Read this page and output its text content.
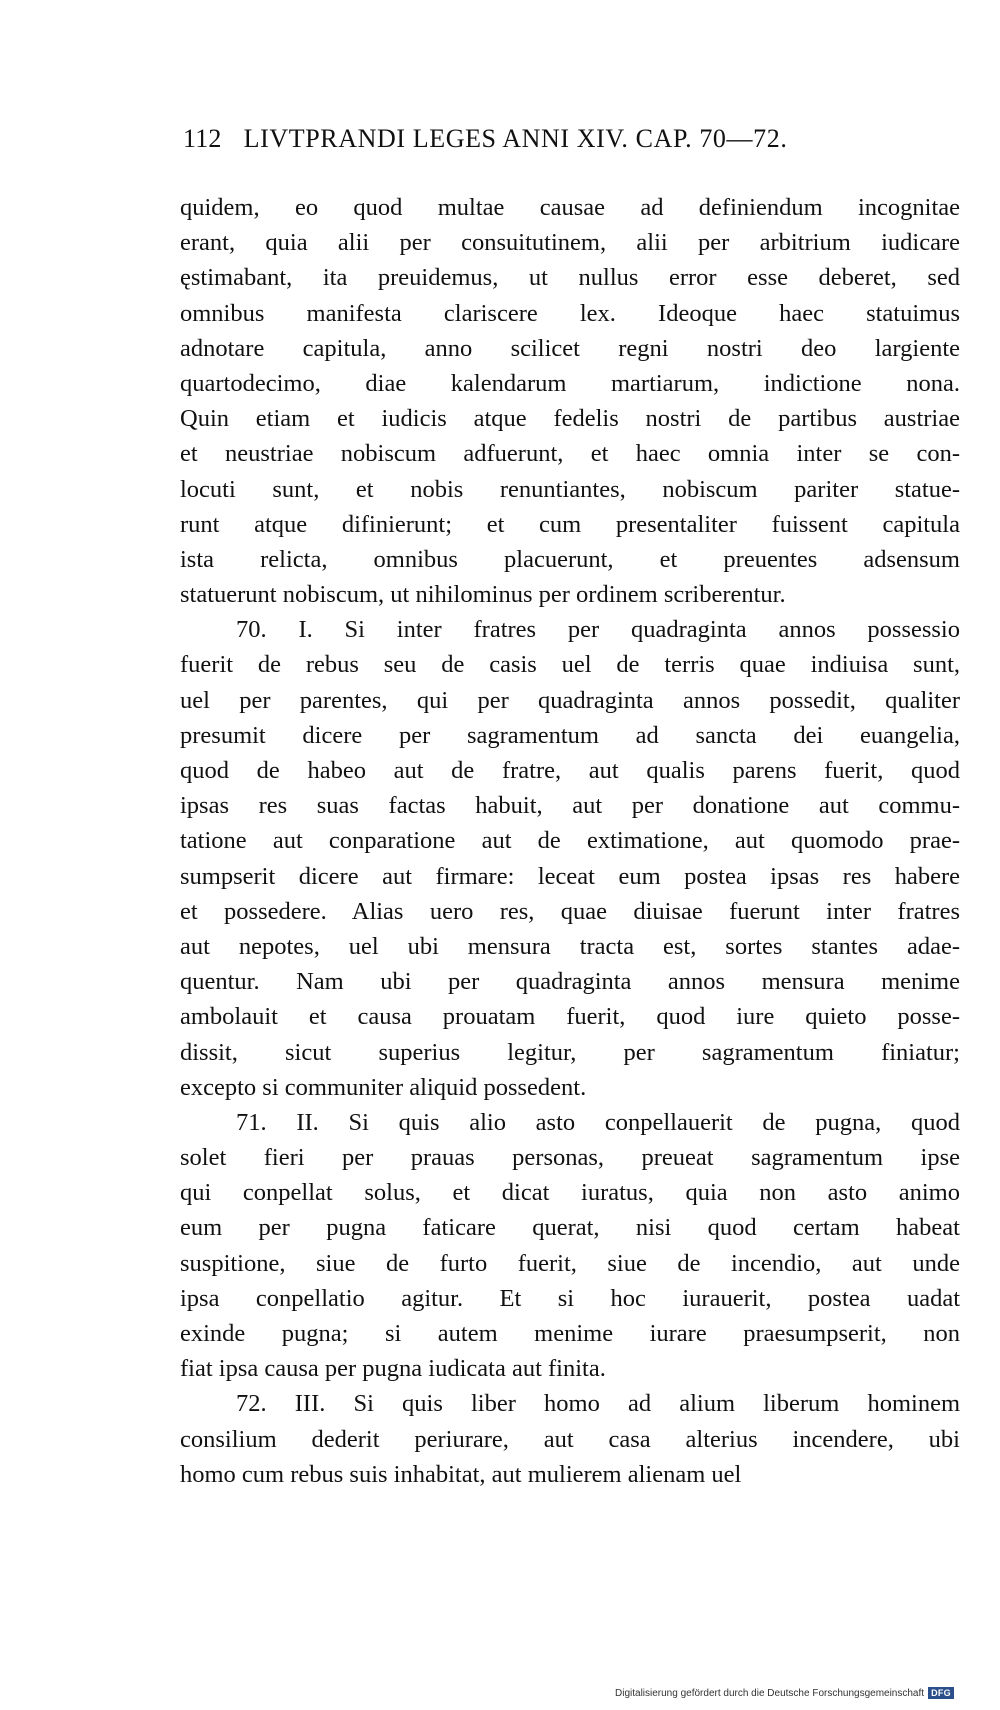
112 LIVTPRANDI LEGES ANNI XIV. CAP. 70—72.
quidem, eo quod multae causae ad definiendum incognitae
erant, quia alii per consuitutinem, alii per arbitrium iudicare
ęstimabant, ita preuidemus, ut nullus error esse deberet, sed
omnibus manifesta clariscere lex. Ideoque haec statuimus
adnotare capitula, anno scilicet regni nostri deo largiente
quartodecimo, diae kalendarum martiarum, indictione nona.
Quin etiam et iudicis atque fedelis nostri de partibus austriae
et neustriae nobiscum adfuerunt, et haec omnia inter se con-
locuti sunt, et nobis renuntiantes, nobiscum pariter statue-
runt atque difinierunt; et cum presentaliter fuissent capitula
ista relicta, omnibus placuerunt, et preuentes adsensum
statuerunt nobiscum, ut nihilominus per ordinem scriberentur.
70. I. Si inter fratres per quadraginta annos possessio
fuerit de rebus seu de casis uel de terris quae indiuisa sunt,
uel per parentes, qui per quadraginta annos possedit, qualiter
presumit dicere per sagramentum ad sancta dei euangelia,
quod de habeo aut de fratre, aut qualis parens fuerit, quod
ipsas res suas factas habuit, aut per donatione aut commu-
tatione aut conparatione aut de extimatione, aut quomodo prae-
sumpserit dicere aut firmare: leceat eum postea ipsas res habere
et possedere. Alias uero res, quae diuisae fuerunt inter fratres
aut nepotes, uel ubi mensura tracta est, sortes stantes adae-
quentur. Nam ubi per quadraginta annos mensura menime
ambolauit et causa prouatam fuerit, quod iure quieto posse-
dissit, sicut superius legitur, per sagramentum finiatur;
excepto si communiter aliquid possedent.
71. II. Si quis alio asto conpellauerit de pugna, quod
solet fieri per prauas personas, preueat sagramentum ipse
qui conpellat solus, et dicat iuratus, quia non asto animo
eum per pugna faticare querat, nisi quod certam habeat
suspitione, siue de furto fuerit, siue de incendio, aut unde
ipsa conpellatio agitur. Et si hoc iurauerit, postea uadat
exinde pugna; si autem menime iurare praesumpserit, non
fiat ipsa causa per pugna iudicata aut finita.
72. III. Si quis liber homo ad alium liberum hominem
consilium dederit periurare, aut casa alterius incendere, ubi
homo cum rebus suis inhabitat, aut mulierem alienam uel
Digitalisierung gefördert durch die Deutsche Forschungsgemeinschaft DFG
